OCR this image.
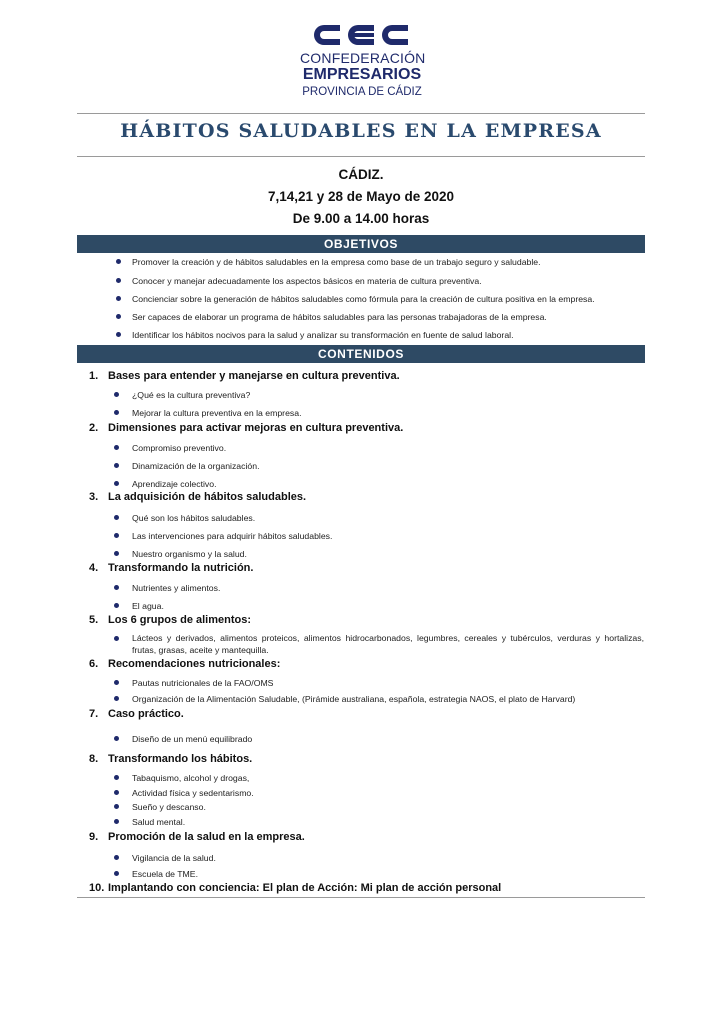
CONFEDERACIÓN
EMPRESARIOS
PROVINCIA DE CÁDIZ
HÁBITOS SALUDABLES EN LA EMPRESA
CÁDIZ.
7,14,21 y 28 de Mayo de 2020
De 9.00 a 14.00 horas
OBJETIVOS
Promover la creación y de hábitos saludables en la empresa como base de un trabajo seguro y saludable.
Conocer y manejar adecuadamente los aspectos básicos en materia de cultura preventiva.
Concienciar sobre la generación de hábitos saludables como fórmula para la creación de cultura positiva en la empresa.
Ser capaces de elaborar un programa de hábitos saludables para las personas trabajadoras de la empresa.
Identificar los hábitos nocivos para la salud y analizar su transformación en fuente de salud laboral.
CONTENIDOS
1. Bases para entender y manejarse en cultura preventiva.
¿Qué es la cultura preventiva?
Mejorar la cultura preventiva en la empresa.
2. Dimensiones para activar mejoras en cultura preventiva.
Compromiso preventivo.
Dinamización de la organización.
Aprendizaje colectivo.
3. La adquisición de hábitos saludables.
Qué son los hábitos saludables.
Las intervenciones para adquirir hábitos saludables.
Nuestro organismo y la salud.
4. Transformando la nutrición.
Nutrientes y alimentos.
El agua.
5. Los 6 grupos de alimentos:
Lácteos y derivados, alimentos proteicos, alimentos hidrocarbonados, legumbres, cereales y tubérculos, verduras y hortalizas, frutas, grasas, aceite y mantequilla.
6. Recomendaciones nutricionales:
Pautas nutricionales de la FAO/OMS
Organización de la Alimentación Saludable, (Pirámide australiana, española, estrategia NAOS, el plato de Harvard)
7. Caso práctico.
Diseño de un menú equilibrado
8. Transformando los hábitos.
Tabaquismo, alcohol y drogas,
Actividad física y sedentarismo.
Sueño y descanso.
Salud mental.
9. Promoción de la salud en la empresa.
Vigilancia de la salud.
Escuela de TME.
10. Implantando con conciencia: El plan de Acción: Mi plan de acción personal
